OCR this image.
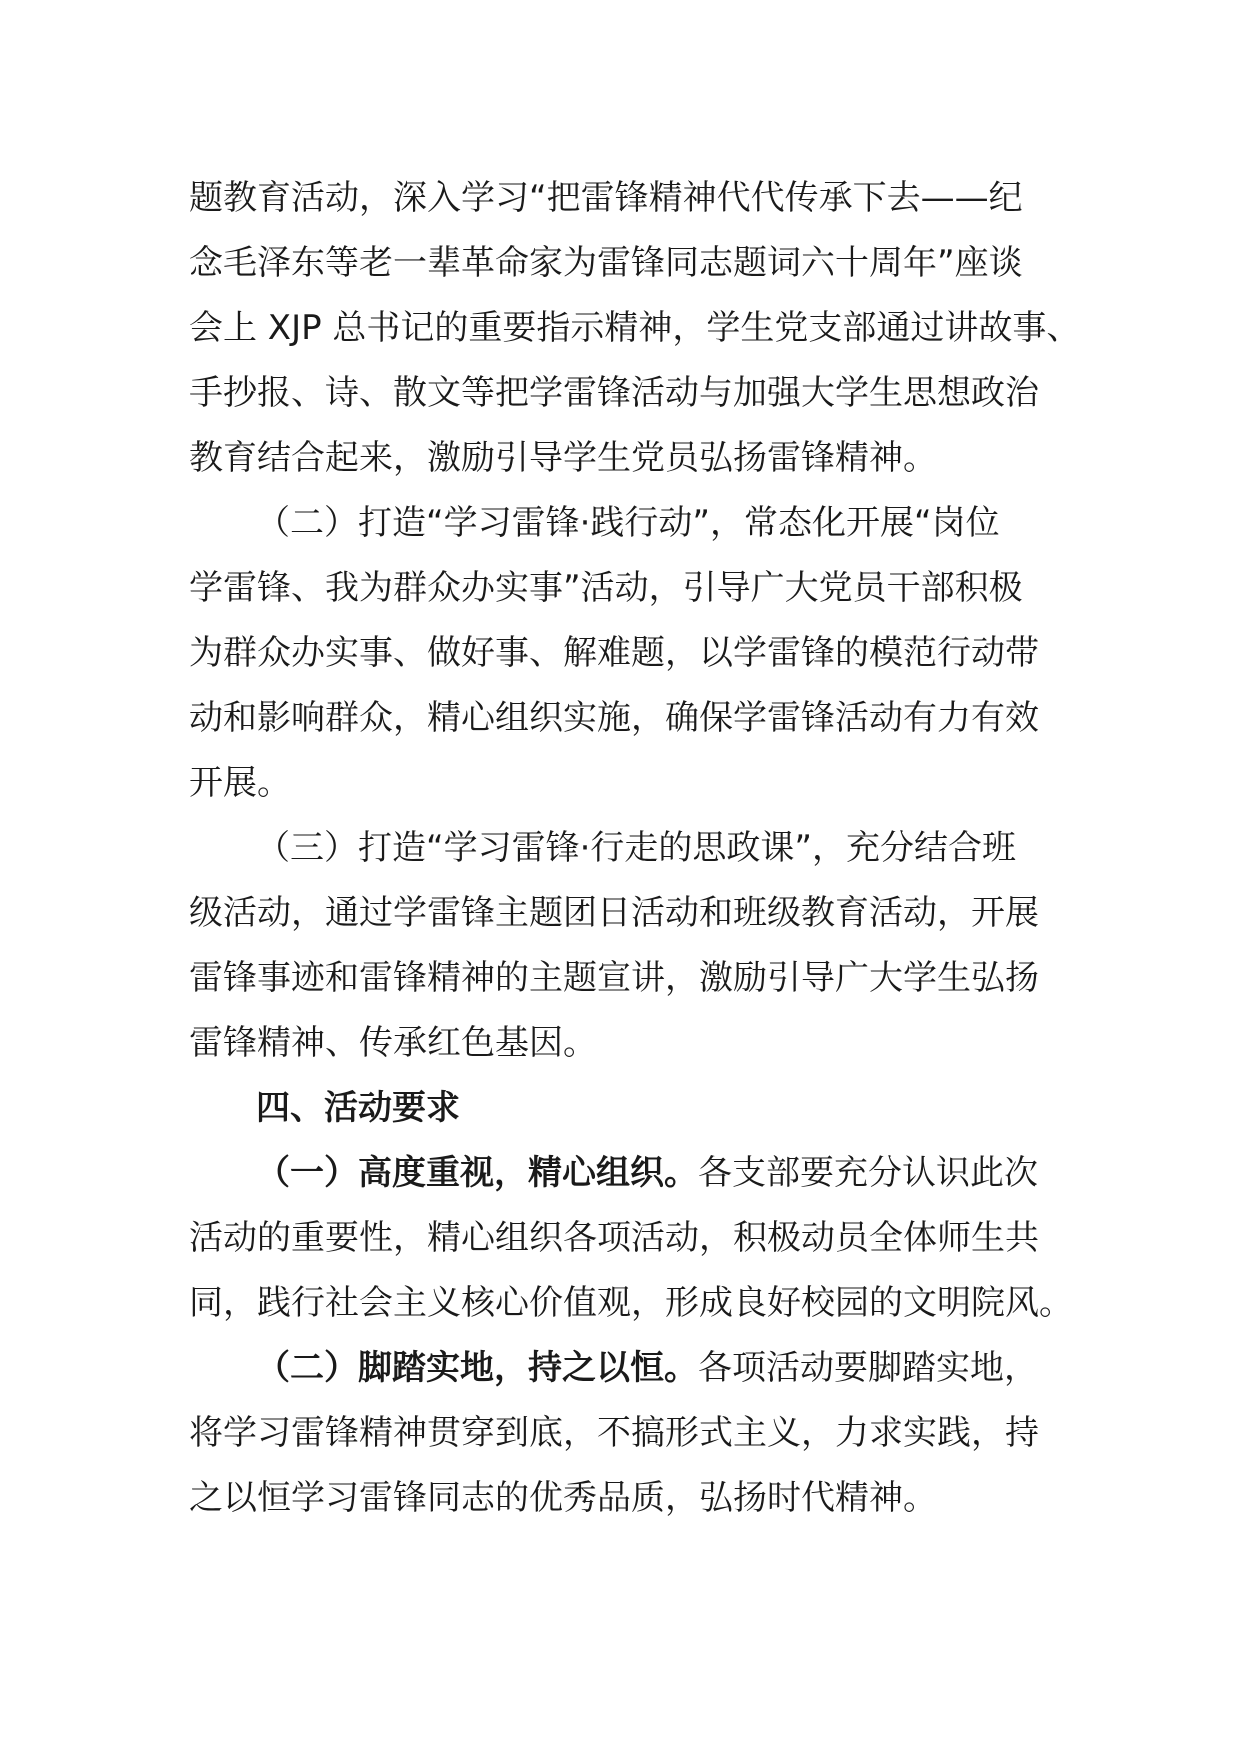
题教育活动，深入学习“把雷锋精神代代传承下去——纪

念毛泽东等老一辈革命家为雷锋同志题词六十周年”座谈

会上 XJP 总书记的重要指示精神，学生党支部通过讲故事、

手抄报、诗、散文等把学雷锋活动与加强大学生思想政治

教育结合起来，激励引导学生党员弘扬雷锋精神。

（二）打造“学习雷锋·践行动”，常态化开展“岗位

学雷锋、我为群众办实事”活动，引导广大党员干部积极

为群众办实事、做好事、解难题，以学雷锋的模范行动带

动和影响群众，精心组织实施，确保学雷锋活动有力有效

开展。

（三）打造“学习雷锋·行走的思政课”，充分结合班

级活动，通过学雷锋主题团日活动和班级教育活动，开展

雷锋事迹和雷锋精神的主题宣讲，激励引导广大学生弘扬

雷锋精神、传承红色基因。

四、活动要求

（一）高度重视，精心组织。各支部要充分认识此次

活动的重要性，精心组织各项活动，积极动员全体师生共

同，践行社会主义核心价值观，形成良好校园的文明院风。

（二）脚踏实地，持之以恒。各项活动要脚踏实地，

将学习雷锋精神贯穿到底，不搞形式主义，力求实践，持

之以恒学习雷锋同志的优秀品质，弘扬时代精神。
